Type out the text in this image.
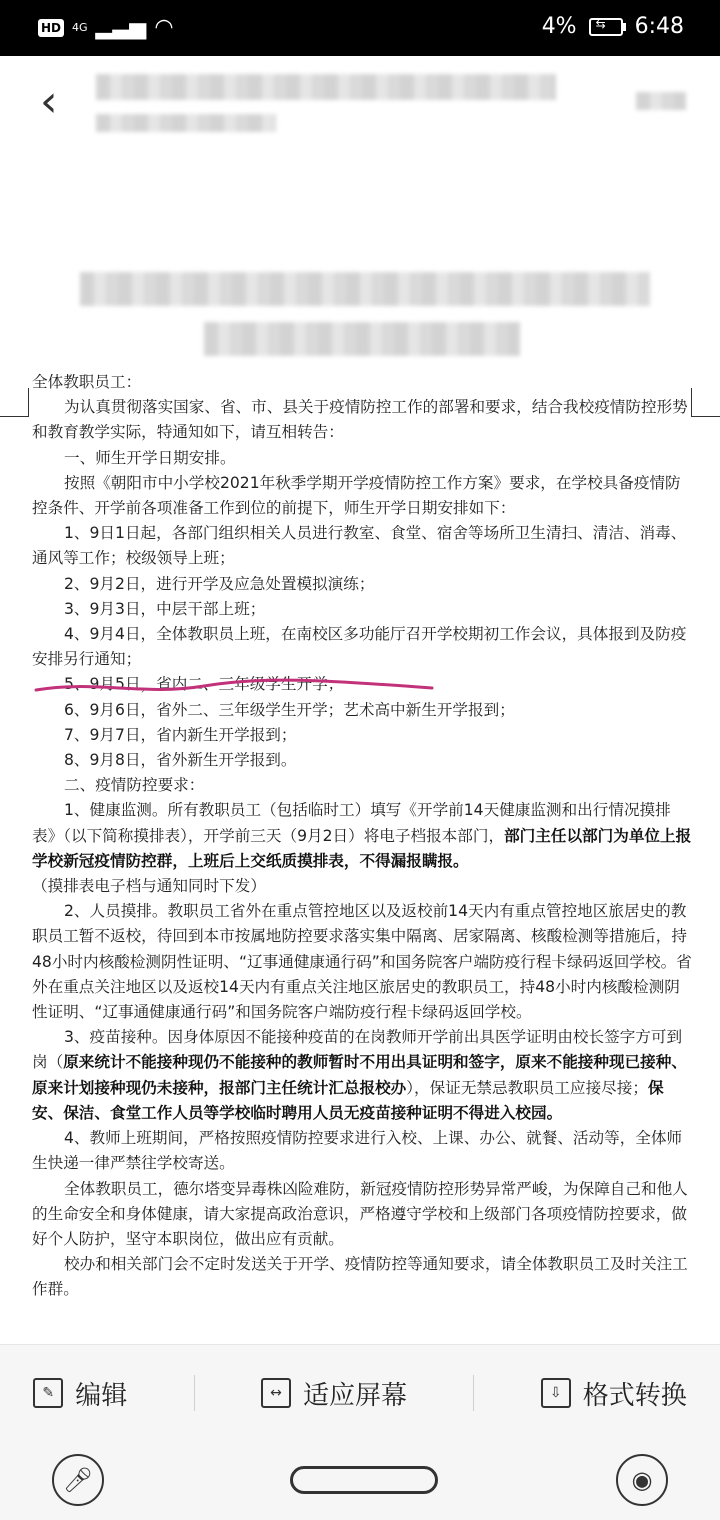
HD 4G ▂▃▅ ◠	4% ⇆ 6:48
‹

全体教职员工：

为认真贯彻落实国家、省、市、县关于疫情防控工作的部署和要求，结合我校疫情防控形势和教育教学实际，特通知如下，请互相转告：

一、师生开学日期安排。

按照《朝阳市中小学校2021年秋季学期开学疫情防控工作方案》要求，在学校具备疫情防控条件、开学前各项准备工作到位的前提下，师生开学日期安排如下：

1、9日1日起，各部门组织相关人员进行教室、食堂、宿舍等场所卫生清扫、清洁、消毒、通风等工作；校级领导上班；

2、9月2日，进行开学及应急处置模拟演练；

3、9月3日，中层干部上班；

4、9月4日，全体教职员上班，在南校区多功能厅召开学校期初工作会议，具体报到及防疫安排另行通知；

5、9月5日，省内二、三年级学生开学；

6、9月6日，省外二、三年级学生开学；艺术高中新生开学报到；

7、9月7日，省内新生开学报到；

8、9月8日，省外新生开学报到。

二、疫情防控要求：

1、健康监测。所有教职员工（包括临时工）填写《开学前14天健康监测和出行情况摸排表》（以下简称摸排表），开学前三天（9月2日）将电子档报本部门，部门主任以部门为单位上报学校新冠疫情防控群，上班后上交纸质摸排表，不得漏报瞒报。（摸排表电子档与通知同时下发）

2、人员摸排。教职员工省外在重点管控地区以及返校前14天内有重点管控地区旅居史的教职员工暂不返校，待回到本市按属地防控要求落实集中隔离、居家隔离、核酸检测等措施后，持48小时内核酸检测阴性证明、“辽事通健康通行码”和国务院客户端防疫行程卡绿码返回学校。省外在重点关注地区以及返校14天内有重点关注地区旅居史的教职员工，持48小时内核酸检测阴性证明、“辽事通健康通行码”和国务院客户端防疫行程卡绿码返回学校。

3、疫苗接种。因身体原因不能接种疫苗的在岗教师开学前出具医学证明由校长签字方可到岗（原来统计不能接种现仍不能接种的教师暂时不用出具证明和签字，原来不能接种现已接种、原来计划接种现仍未接种，报部门主任统计汇总报校办），保证无禁忌教职员工应接尽接；保安、保洁、食堂工作人员等学校临时聘用人员无疫苗接种证明不得进入校园。

4、教师上班期间，严格按照疫情防控要求进行入校、上课、办公、就餐、活动等，全体师生快递一律严禁往学校寄送。

全体教职员工，德尔塔变异毒株凶险难防，新冠疫情防控形势异常严峻，为保障自己和他人的生命安全和身体健康，请大家提高政治意识，严格遵守学校和上级部门各项疫情防控要求，做好个人防护，坚守本职岗位，做出应有贡献。

校办和相关部门会不定时发送关于开学、疫情防控等通知要求，请全体教职员工及时关注工作群。

✎ 编辑	↔ 适应屏幕	⇩ 格式转换
🎤︎	◉
